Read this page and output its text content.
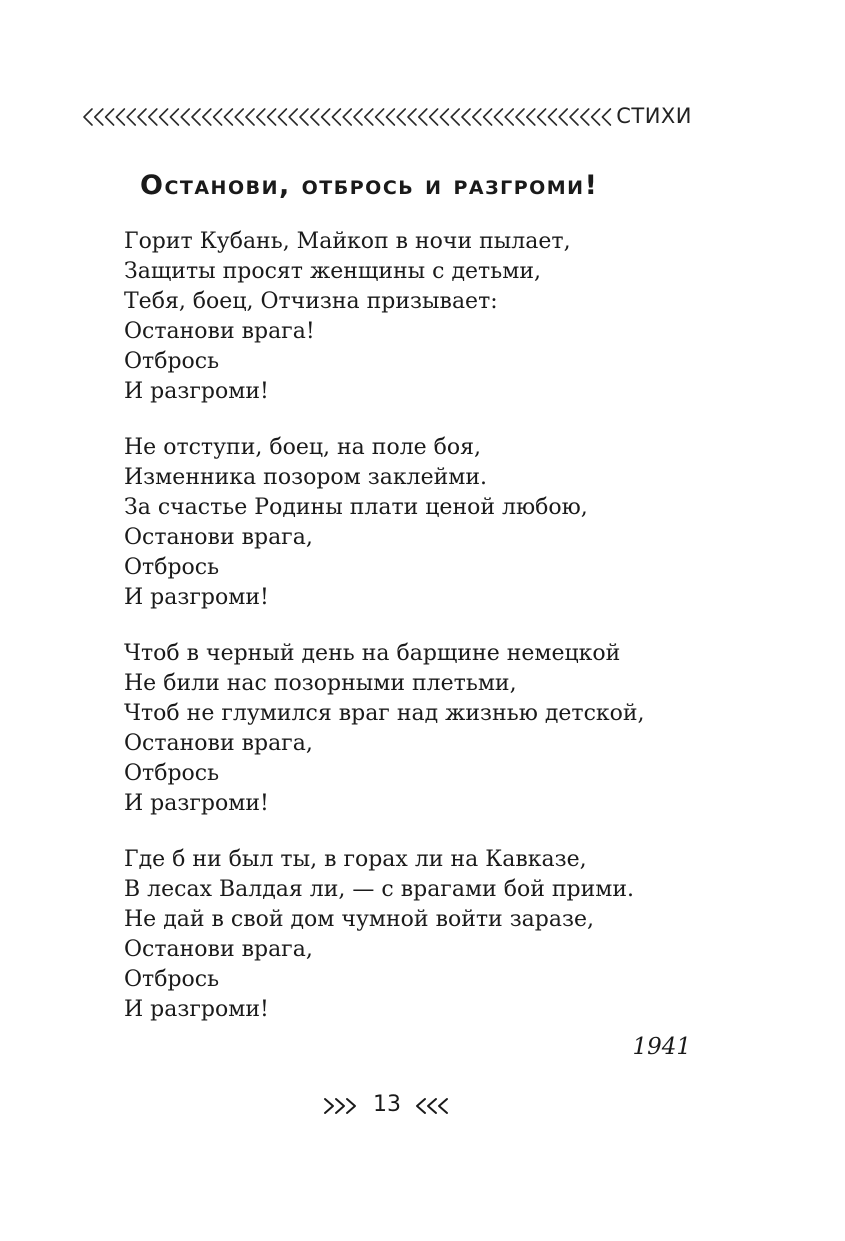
СТИХИ
Останови, отбрось и разгроми!
Горит Кубань, Майкоп в ночи пылает,
Защиты просят женщины с детьми,
Тебя, боец, Отчизна призывает:
Останови врага!
Отбрось
И разгроми!
Не отступи, боец, на поле боя,
Изменника позором заклейми.
За счастье Родины плати ценой любою,
Останови врага,
Отбрось
И разгроми!
Чтоб в черный день на барщине немецкой
Не били нас позорными плетьми,
Чтоб не глумился враг над жизнью детской,
Останови врага,
Отбрось
И разгроми!
Где б ни был ты, в горах ли на Кавказе,
В лесах Валдая ли, — с врагами бой прими.
Не дай в свой дом чумной войти заразе,
Останови врага,
Отбрось
И разгроми!
1941
13
